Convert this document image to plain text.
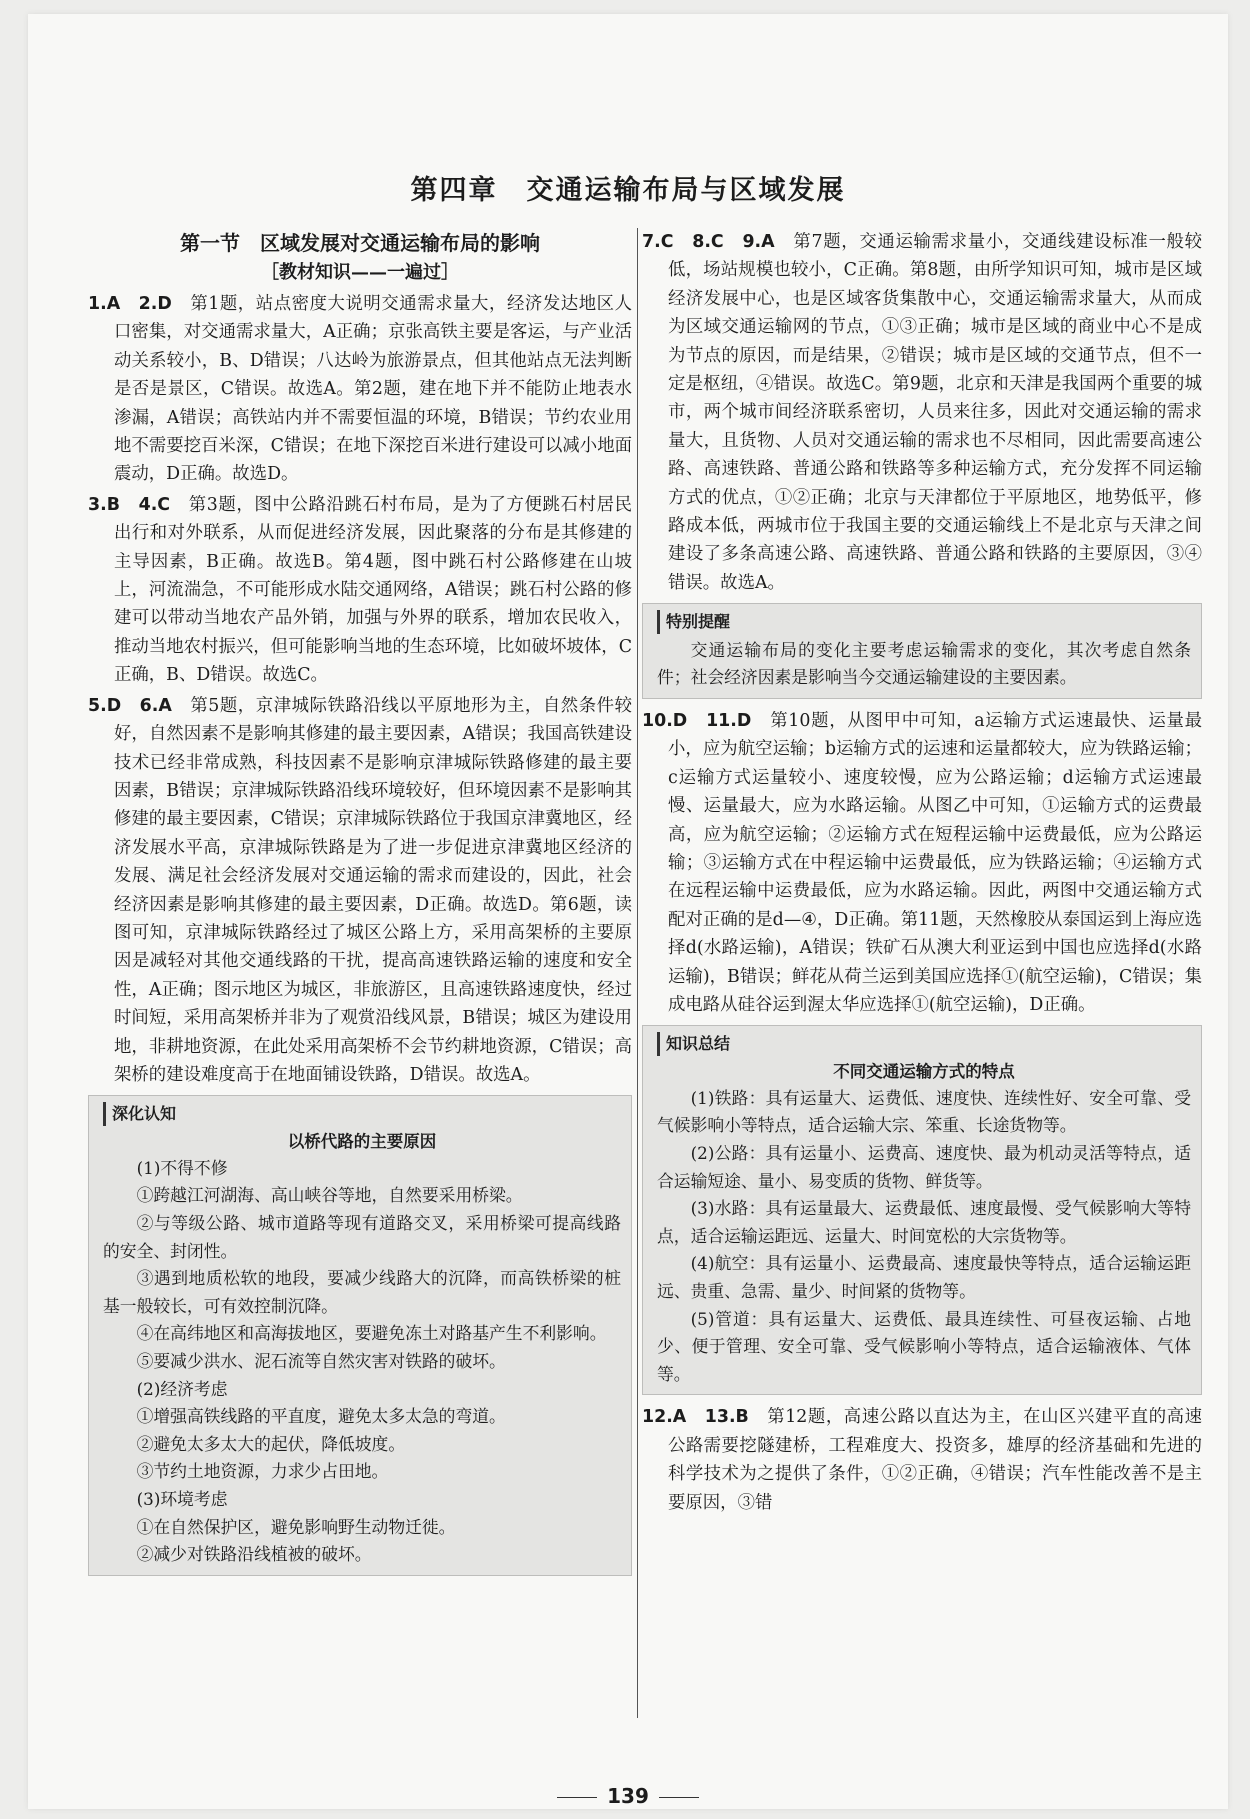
第四章　交通运输布局与区域发展
第一节　区域发展对交通运输布局的影响
［教材知识——一遍过］

1.A　2.D　 第1题，站点密度大说明交通需求量大，经济发达地区人口密集，对交通需求量大，A正确；京张高铁主要是客运，与产业活动关系较小，B、D错误；八达岭为旅游景点，但其他站点无法判断是否是景区，C错误。故选A。第2题，建在地下并不能防止地表水渗漏，A错误；高铁站内并不需要恒温的环境，B错误；节约农业用地不需要挖百米深，C错误；在地下深挖百米进行建设可以减小地面震动，D正确。故选D。

3.B　4.C　 第3题，图中公路沿跳石村布局，是为了方便跳石村居民出行和对外联系，从而促进经济发展，因此聚落的分布是其修建的主导因素，B正确。故选B。第4题，图中跳石村公路修建在山坡上，河流湍急，不可能形成水陆交通网络，A错误；跳石村公路的修建可以带动当地农产品外销，加强与外界的联系，增加农民收入，推动当地农村振兴，但可能影响当地的生态环境，比如破坏坡体，C正确，B、D错误。故选C。

5.D　6.A　 第5题，京津城际铁路沿线以平原地形为主，自然条件较好，自然因素不是影响其修建的最主要因素，A错误；我国高铁建设技术已经非常成熟，科技因素不是影响京津城际铁路修建的最主要因素，B错误；京津城际铁路沿线环境较好，但环境因素不是影响其修建的最主要因素，C错误；京津城际铁路位于我国京津冀地区，经济发展水平高，京津城际铁路是为了进一步促进京津冀地区经济的发展、满足社会经济发展对交通运输的需求而建设的，因此，社会经济因素是影响其修建的最主要因素，D正确。故选D。第6题，读图可知，京津城际铁路经过了城区公路上方，采用高架桥的主要原因是减轻对其他交通线路的干扰，提高高速铁路运输的速度和安全性，A正确；图示地区为城区，非旅游区，且高速铁路速度快，经过时间短，采用高架桥并非为了观赏沿线风景，B错误；城区为建设用地，非耕地资源，在此处采用高架桥不会节约耕地资源，C错误；高架桥的建设难度高于在地面铺设铁路，D错误。故选A。

深化认知
以桥代路的主要原因

(1)不得不修

①跨越江河湖海、高山峡谷等地，自然要采用桥梁。

②与等级公路、城市道路等现有道路交叉，采用桥梁可提高线路的安全、封闭性。

③遇到地质松软的地段，要减少线路大的沉降，而高铁桥梁的桩基一般较长，可有效控制沉降。

④在高纬地区和高海拔地区，要避免冻土对路基产生不利影响。

⑤要减少洪水、泥石流等自然灾害对铁路的破坏。

(2)经济考虑

①增强高铁线路的平直度，避免太多太急的弯道。

②避免太多太大的起伏，降低坡度。

③节约土地资源，力求少占田地。

(3)环境考虑

①在自然保护区，避免影响野生动物迁徙。

②减少对铁路沿线植被的破坏。

7.C　8.C　9.A　 第7题，交通运输需求量小，交通线建设标准一般较低，场站规模也较小，C正确。第8题，由所学知识可知，城市是区域经济发展中心，也是区域客货集散中心，交通运输需求量大，从而成为区域交通运输网的节点，①③正确；城市是区域的商业中心不是成为节点的原因，而是结果，②错误；城市是区域的交通节点，但不一定是枢纽，④错误。故选C。第9题，北京和天津是我国两个重要的城市，两个城市间经济联系密切，人员来往多，因此对交通运输的需求量大，且货物、人员对交通运输的需求也不尽相同，因此需要高速公路、高速铁路、普通公路和铁路等多种运输方式，充分发挥不同运输方式的优点，①②正确；北京与天津都位于平原地区，地势低平，修路成本低，两城市位于我国主要的交通运输线上不是北京与天津之间建设了多条高速公路、高速铁路、普通公路和铁路的主要原因，③④错误。故选A。

特别提醒

交通运输布局的变化主要考虑运输需求的变化，其次考虑自然条件；社会经济因素是影响当今交通运输建设的主要因素。

10.D　11.D　 第10题，从图甲中可知，a运输方式运速最快、运量最小，应为航空运输；b运输方式的运速和运量都较大，应为铁路运输；c运输方式运量较小、速度较慢，应为公路运输；d运输方式运速最慢、运量最大，应为水路运输。从图乙中可知，①运输方式的运费最高，应为航空运输；②运输方式在短程运输中运费最低，应为公路运输；③运输方式在中程运输中运费最低，应为铁路运输；④运输方式在远程运输中运费最低，应为水路运输。因此，两图中交通运输方式配对正确的是d—④，D正确。第11题，天然橡胶从泰国运到上海应选择d(水路运输)，A错误；铁矿石从澳大利亚运到中国也应选择d(水路运输)，B错误；鲜花从荷兰运到美国应选择①(航空运输)，C错误；集成电路从硅谷运到渥太华应选择①(航空运输)，D正确。

知识总结
不同交通运输方式的特点

(1)铁路：具有运量大、运费低、速度快、连续性好、安全可靠、受气候影响小等特点，适合运输大宗、笨重、长途货物等。

(2)公路：具有运量小、运费高、速度快、最为机动灵活等特点，适合运输短途、量小、易变质的货物、鲜货等。

(3)水路：具有运量最大、运费最低、速度最慢、受气候影响大等特点，适合运输运距远、运量大、时间宽松的大宗货物等。

(4)航空：具有运量小、运费最高、速度最快等特点，适合运输运距远、贵重、急需、量少、时间紧的货物等。

(5)管道：具有运量大、运费低、最具连续性、可昼夜运输、占地少、便于管理、安全可靠、受气候影响小等特点，适合运输液体、气体等。

12.A　13.B　 第12题，高速公路以直达为主，在山区兴建平直的高速公路需要挖隧建桥，工程难度大、投资多，雄厚的经济基础和先进的科学技术为之提供了条件，①②正确，④错误；汽车性能改善不是主要原因，③错

139
